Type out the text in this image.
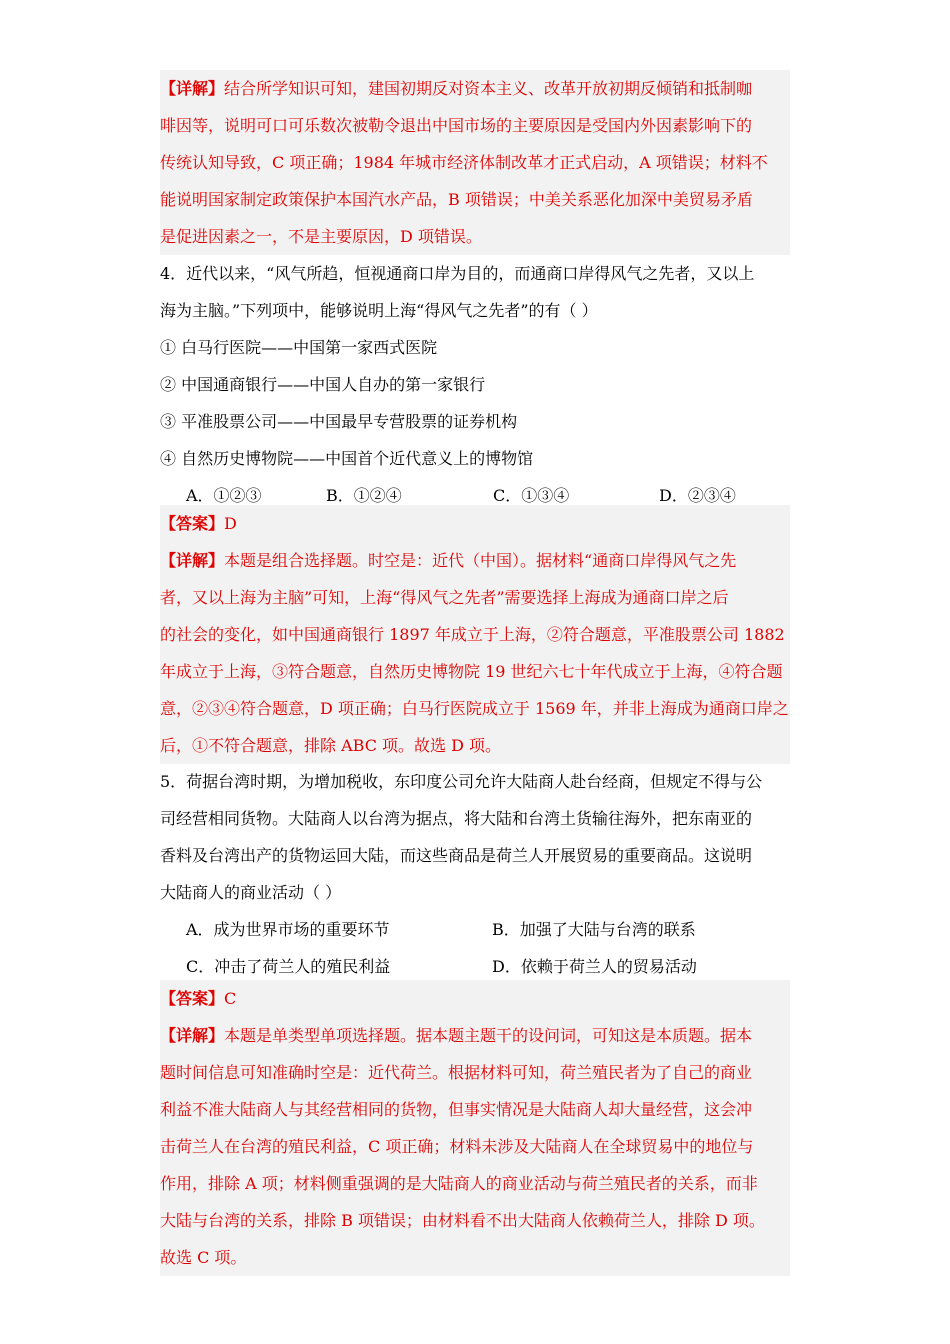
【详解】结合所学知识可知，建国初期反对资本主义、改革开放初期反倾销和抵制咖
啡因等，说明可口可乐数次被勒令退出中国市场的主要原因是受国内外因素影响下的
传统认知导致，C 项正确；1984 年城市经济体制改革才正式启动，A 项错误；材料不
能说明国家制定政策保护本国汽水产品，B 项错误；中美关系恶化加深中美贸易矛盾
是促进因素之一，不是主要原因，D 项错误。
4．近代以来，“风气所趋，恒视通商口岸为目的，而通商口岸得风气之先者，又以上
海为主脑。”下列项中，能够说明上海“得风气之先者”的有（ ）
① 白马行医院——中国第一家西式医院
② 中国通商银行——中国人自办的第一家银行
③ 平准股票公司——中国最早专营股票的证券机构
④ 自然历史博物院——中国首个近代意义上的博物馆
A．①②③	B．①②④	C．①③④	D．②③④
【答案】D
【详解】本题是组合选择题。时空是：近代（中国）。据材料“通商口岸得风气之先
者，又以上海为主脑”可知，上海“得风气之先者”需要选择上海成为通商口岸之后
的社会的变化，如中国通商银行 1897 年成立于上海，②符合题意，平准股票公司 1882
年成立于上海，③符合题意，自然历史博物院 19 世纪六七十年代成立于上海，④符合题
意，②③④符合题意，D 项正确；白马行医院成立于 1569 年，并非上海成为通商口岸之
后，①不符合题意，排除 ABC 项。故选 D 项。
5．荷据台湾时期，为增加税收，东印度公司允许大陆商人赴台经商，但规定不得与公
司经营相同货物。大陆商人以台湾为据点，将大陆和台湾土货输往海外，把东南亚的
香料及台湾出产的货物运回大陆，而这些商品是荷兰人开展贸易的重要商品。这说明
大陆商人的商业活动（ ）
A．成为世界市场的重要环节	B．加强了大陆与台湾的联系
C．冲击了荷兰人的殖民利益	D．依赖于荷兰人的贸易活动
【答案】C
【详解】本题是单类型单项选择题。据本题主题干的设问词，可知这是本质题。据本
题时间信息可知准确时空是：近代荷兰。根据材料可知，荷兰殖民者为了自己的商业
利益不准大陆商人与其经营相同的货物，但事实情况是大陆商人却大量经营，这会冲
击荷兰人在台湾的殖民利益，C 项正确；材料未涉及大陆商人在全球贸易中的地位与
作用，排除 A 项；材料侧重强调的是大陆商人的商业活动与荷兰殖民者的关系，而非
大陆与台湾的关系，排除 B 项错误；由材料看不出大陆商人依赖荷兰人，排除 D 项。
故选 C 项。
